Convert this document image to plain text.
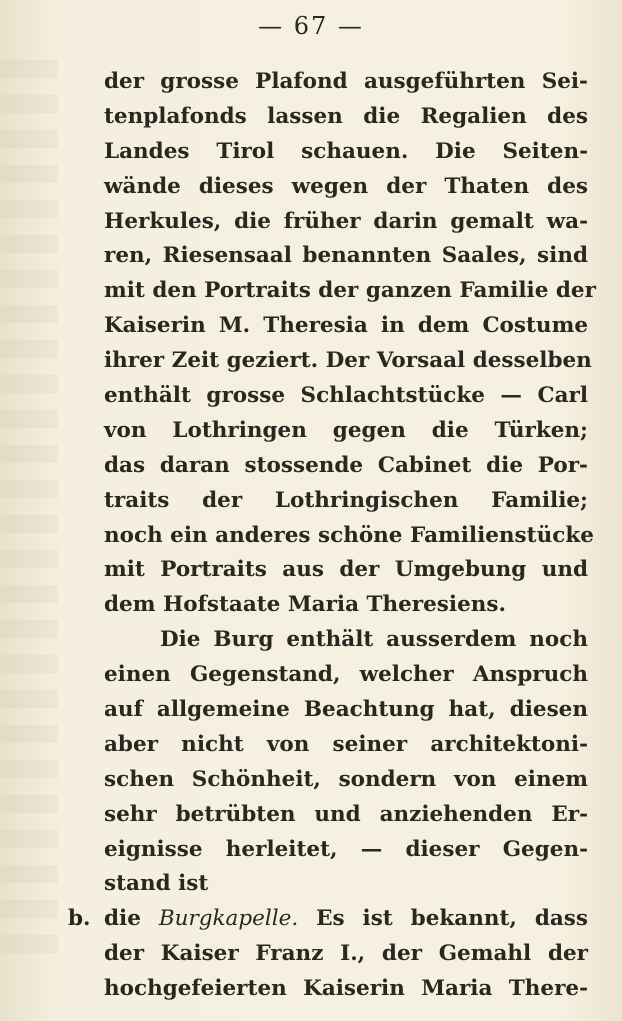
— 67 —
der grosse Plafond ausgeführten Sei-
tenplafonds lassen die Regalien des
Landes Tirol schauen. Die Seiten-
wände dieses wegen der Thaten des
Herkules, die früher darin gemalt wa-
ren, Riesensaal benannten Saales, sind
mit den Portraits der ganzen Familie der
Kaiserin M. Theresia in dem Costume
ihrer Zeit geziert. Der Vorsaal desselben
enthält grosse Schlachtstücke — Carl
von Lothringen gegen die Türken;
das daran stossende Cabinet die Por-
traits der Lothringischen Familie;
noch ein anderes schöne Familienstücke
mit Portraits aus der Umgebung und
dem Hofstaate Maria Theresiens.
Die Burg enthält ausserdem noch
einen Gegenstand, welcher Anspruch
auf allgemeine Beachtung hat, diesen
aber nicht von seiner architektoni-
schen Schönheit, sondern von einem
sehr betrübten und anziehenden Er-
eignisse herleitet, — dieser Gegen-
stand ist
b. die Burgkapelle. Es ist bekannt, dass
der Kaiser Franz I., der Gemahl der
hochgefeierten Kaiserin Maria There-
